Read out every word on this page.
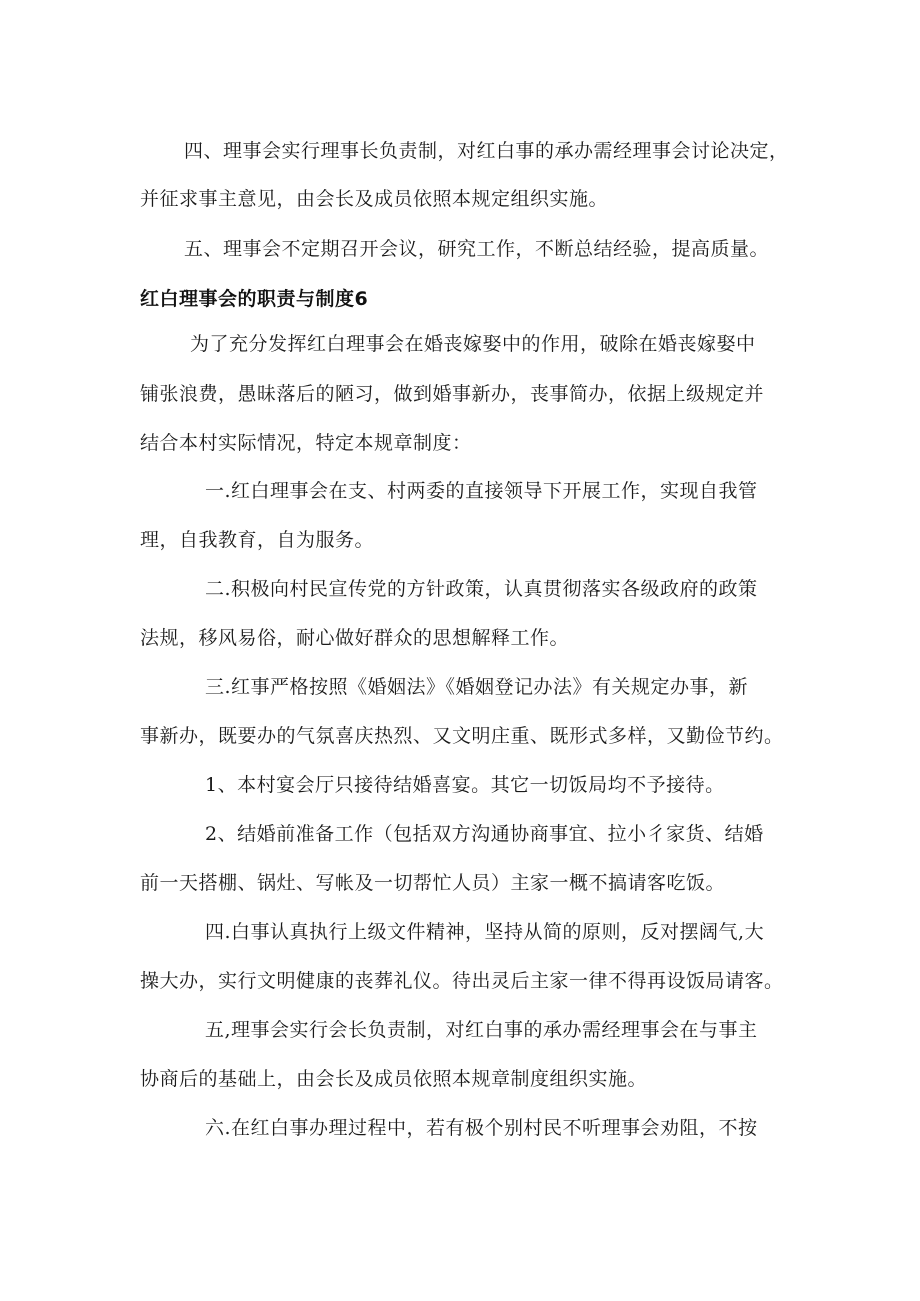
四、理事会实行理事长负责制，对红白事的承办需经理事会讨论决定，
并征求事主意见，由会长及成员依照本规定组织实施。
五、理事会不定期召开会议，研究工作，不断总结经验，提高质量。
红白理事会的职责与制度6
为了充分发挥红白理事会在婚丧嫁娶中的作用，破除在婚丧嫁娶中
铺张浪费，愚昧落后的陋习，做到婚事新办，丧事简办，依据上级规定并
结合本村实际情况，特定本规章制度：
一.红白理事会在支、村两委的直接领导下开展工作，实现自我管
理，自我教育，自为服务。
二.积极向村民宣传党的方针政策，认真贯彻落实各级政府的政策
法规，移风易俗，耐心做好群众的思想解释工作。
三.红事严格按照《婚姻法》《婚姻登记办法》有关规定办事，新
事新办，既要办的气氛喜庆热烈、又文明庄重、既形式多样，又勤俭节约。
1、本村宴会厅只接待结婚喜宴。其它一切饭局均不予接待。
2、结婚前准备工作（包括双方沟通协商事宜、拉小彳家货、结婚
前一天搭棚、锅灶、写帐及一切帮忙人员）主家一概不搞请客吃饭。
四.白事认真执行上级文件精神，坚持从简的原则，反对摆阔气,大
操大办，实行文明健康的丧葬礼仪。待出灵后主家一律不得再设饭局请客。
五,理事会实行会长负责制，对红白事的承办需经理事会在与事主
协商后的基础上，由会长及成员依照本规章制度组织实施。
六.在红白事办理过程中，若有极个别村民不听理事会劝阻，不按
